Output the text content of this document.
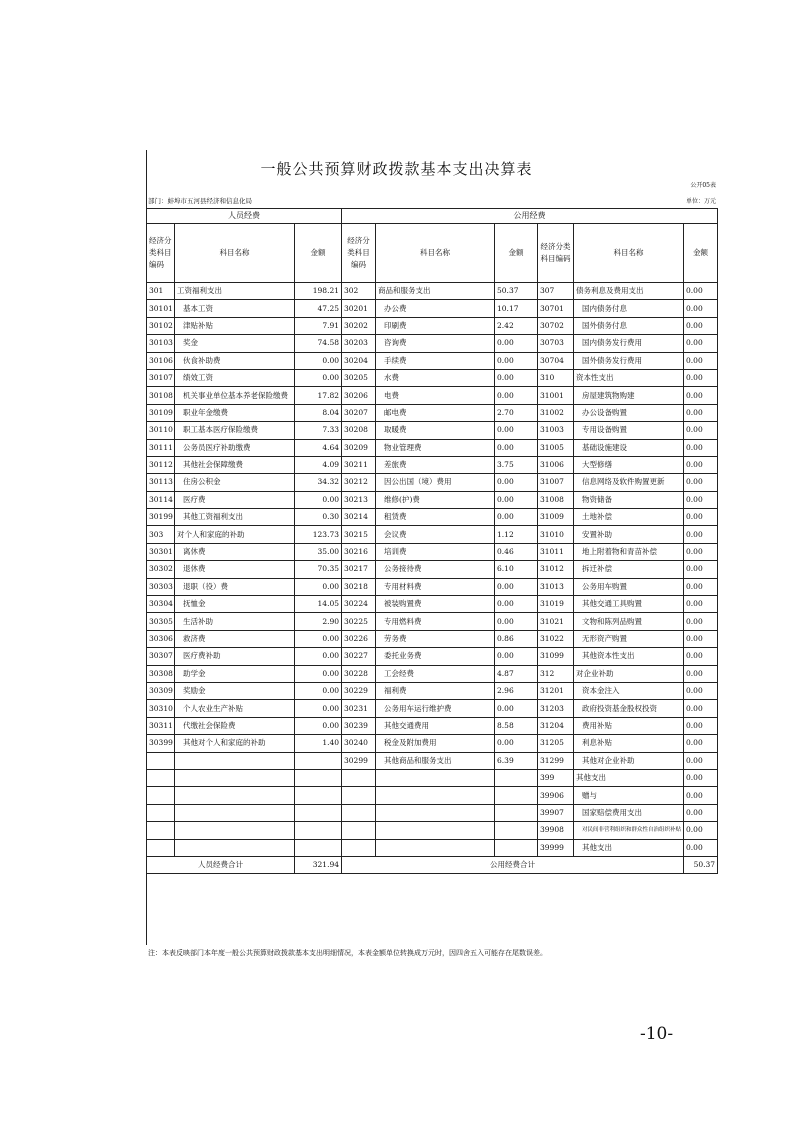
一般公共预算财政拨款基本支出决算表
公开05表
单位：万元
部门：蚌埠市五河县经济和信息化局
人员经费			公用经费					
经济分类科目编码	科目名称	金额	经济分类科目编码	科目名称	金额	经济分类科目编码	科目名称	金额
301	工资福利支出	198.21	302	商品和服务支出	50.37	307	债务利息及费用支出	0.00
30101	基本工资	47.25	30201	办公费	10.17	30701	国内债务付息	0.00
30102	津贴补贴	7.91	30202	印刷费	2.42	30702	国外债务付息	0.00
30103	奖金	74.58	30203	咨询费	0.00	30703	国内债务发行费用	0.00
30106	伙食补助费	0.00	30204	手续费	0.00	30704	国外债务发行费用	0.00
30107	绩效工资	0.00	30205	水费	0.00	310	资本性支出	0.00
30108	机关事业单位基本养老保险缴费	17.82	30206	电费	0.00	31001	房屋建筑物购建	0.00
30109	职业年金缴费	8.04	30207	邮电费	2.70	31002	办公设备购置	0.00
30110	职工基本医疗保险缴费	7.33	30208	取暖费	0.00	31003	专用设备购置	0.00
30111	公务员医疗补助缴费	4.64	30209	物业管理费	0.00	31005	基础设施建设	0.00
30112	其他社会保障缴费	4.09	30211	差旅费	3.75	31006	大型修缮	0.00
30113	住房公积金	34.32	30212	因公出国（境）费用	0.00	31007	信息网络及软件购置更新	0.00
30114	医疗费	0.00	30213	维修(护)费	0.00	31008	物资储备	0.00
30199	其他工资福利支出	0.30	30214	租赁费	0.00	31009	土地补偿	0.00
303	对个人和家庭的补助	123.73	30215	会议费	1.12	31010	安置补助	0.00
30301	离休费	35.00	30216	培训费	0.46	31011	地上附着物和青苗补偿	0.00
30302	退休费	70.35	30217	公务接待费	6.10	31012	拆迁补偿	0.00
30303	退职（役）费	0.00	30218	专用材料费	0.00	31013	公务用车购置	0.00
30304	抚恤金	14.05	30224	被装购置费	0.00	31019	其他交通工具购置	0.00
30305	生活补助	2.90	30225	专用燃料费	0.00	31021	文物和陈列品购置	0.00
30306	救济费	0.00	30226	劳务费	0.86	31022	无形资产购置	0.00
30307	医疗费补助	0.00	30227	委托业务费	0.00	31099	其他资本性支出	0.00
30308	助学金	0.00	30228	工会经费	4.87	312	对企业补助	0.00
30309	奖励金	0.00	30229	福利费	2.96	31201	资本金注入	0.00
30310	个人农业生产补贴	0.00	30231	公务用车运行维护费	0.00	31203	政府投资基金股权投资	0.00
30311	代缴社会保险费	0.00	30239	其他交通费用	8.58	31204	费用补贴	0.00
30399	其他对个人和家庭的补助	1.40	30240	税金及附加费用	0.00	31205	利息补贴	0.00
			30299	其他商品和服务支出	6.39	31299	其他对企业补助	0.00
						399	其他支出	0.00
						39906	赠与	0.00
						39907	国家赔偿费用支出	0.00
						39908	对民间非营利组织和群众性自治组织补贴	0.00
						39999	其他支出	0.00
人员经费合计		321.94	公用经费合计					50.37
注：本表反映部门本年度一般公共预算财政拨款基本支出明细情况，本表金额单位转换成万元时，因四舍五入可能存在尾数误差。
-10-
